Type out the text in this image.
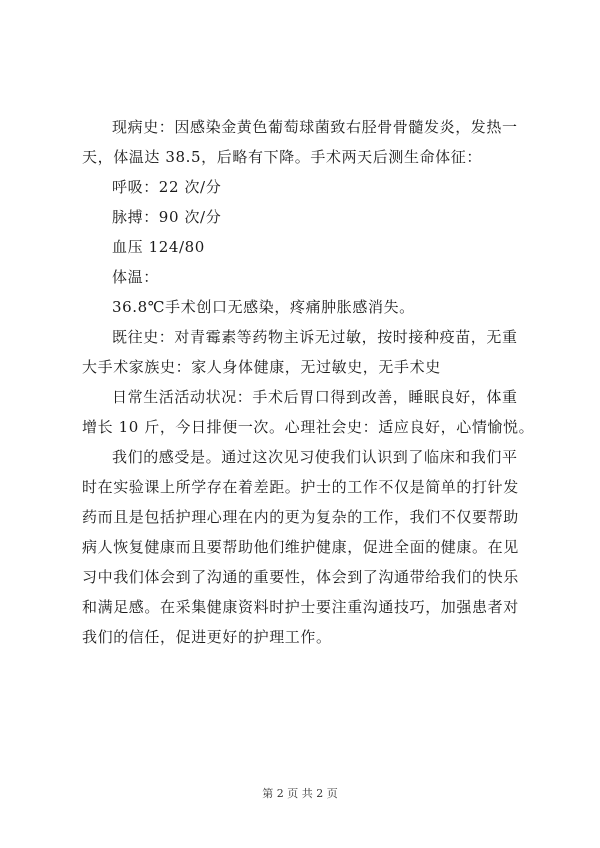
现病史：因感染金黄色葡萄球菌致右胫骨骨髓发炎，发热一
天，体温达 38.5，后略有下降。手术两天后测生命体征：
呼吸：22 次/分
脉搏：90 次/分
血压 124/80
体温：
36.8℃手术创口无感染，疼痛肿胀感消失。
既往史：对青霉素等药物主诉无过敏，按时接种疫苗，无重
大手术家族史：家人身体健康，无过敏史，无手术史
日常生活活动状况：手术后胃口得到改善，睡眠良好，体重
增长 10 斤，今日排便一次。心理社会史：适应良好，心情愉悦。
我们的感受是。通过这次见习使我们认识到了临床和我们平
时在实验课上所学存在着差距。护士的工作不仅是简单的打针发
药而且是包括护理心理在内的更为复杂的工作，我们不仅要帮助
病人恢复健康而且要帮助他们维护健康，促进全面的健康。在见
习中我们体会到了沟通的重要性，体会到了沟通带给我们的快乐
和满足感。在采集健康资料时护士要注重沟通技巧，加强患者对
我们的信任，促进更好的护理工作。
第 2 页 共 2 页
